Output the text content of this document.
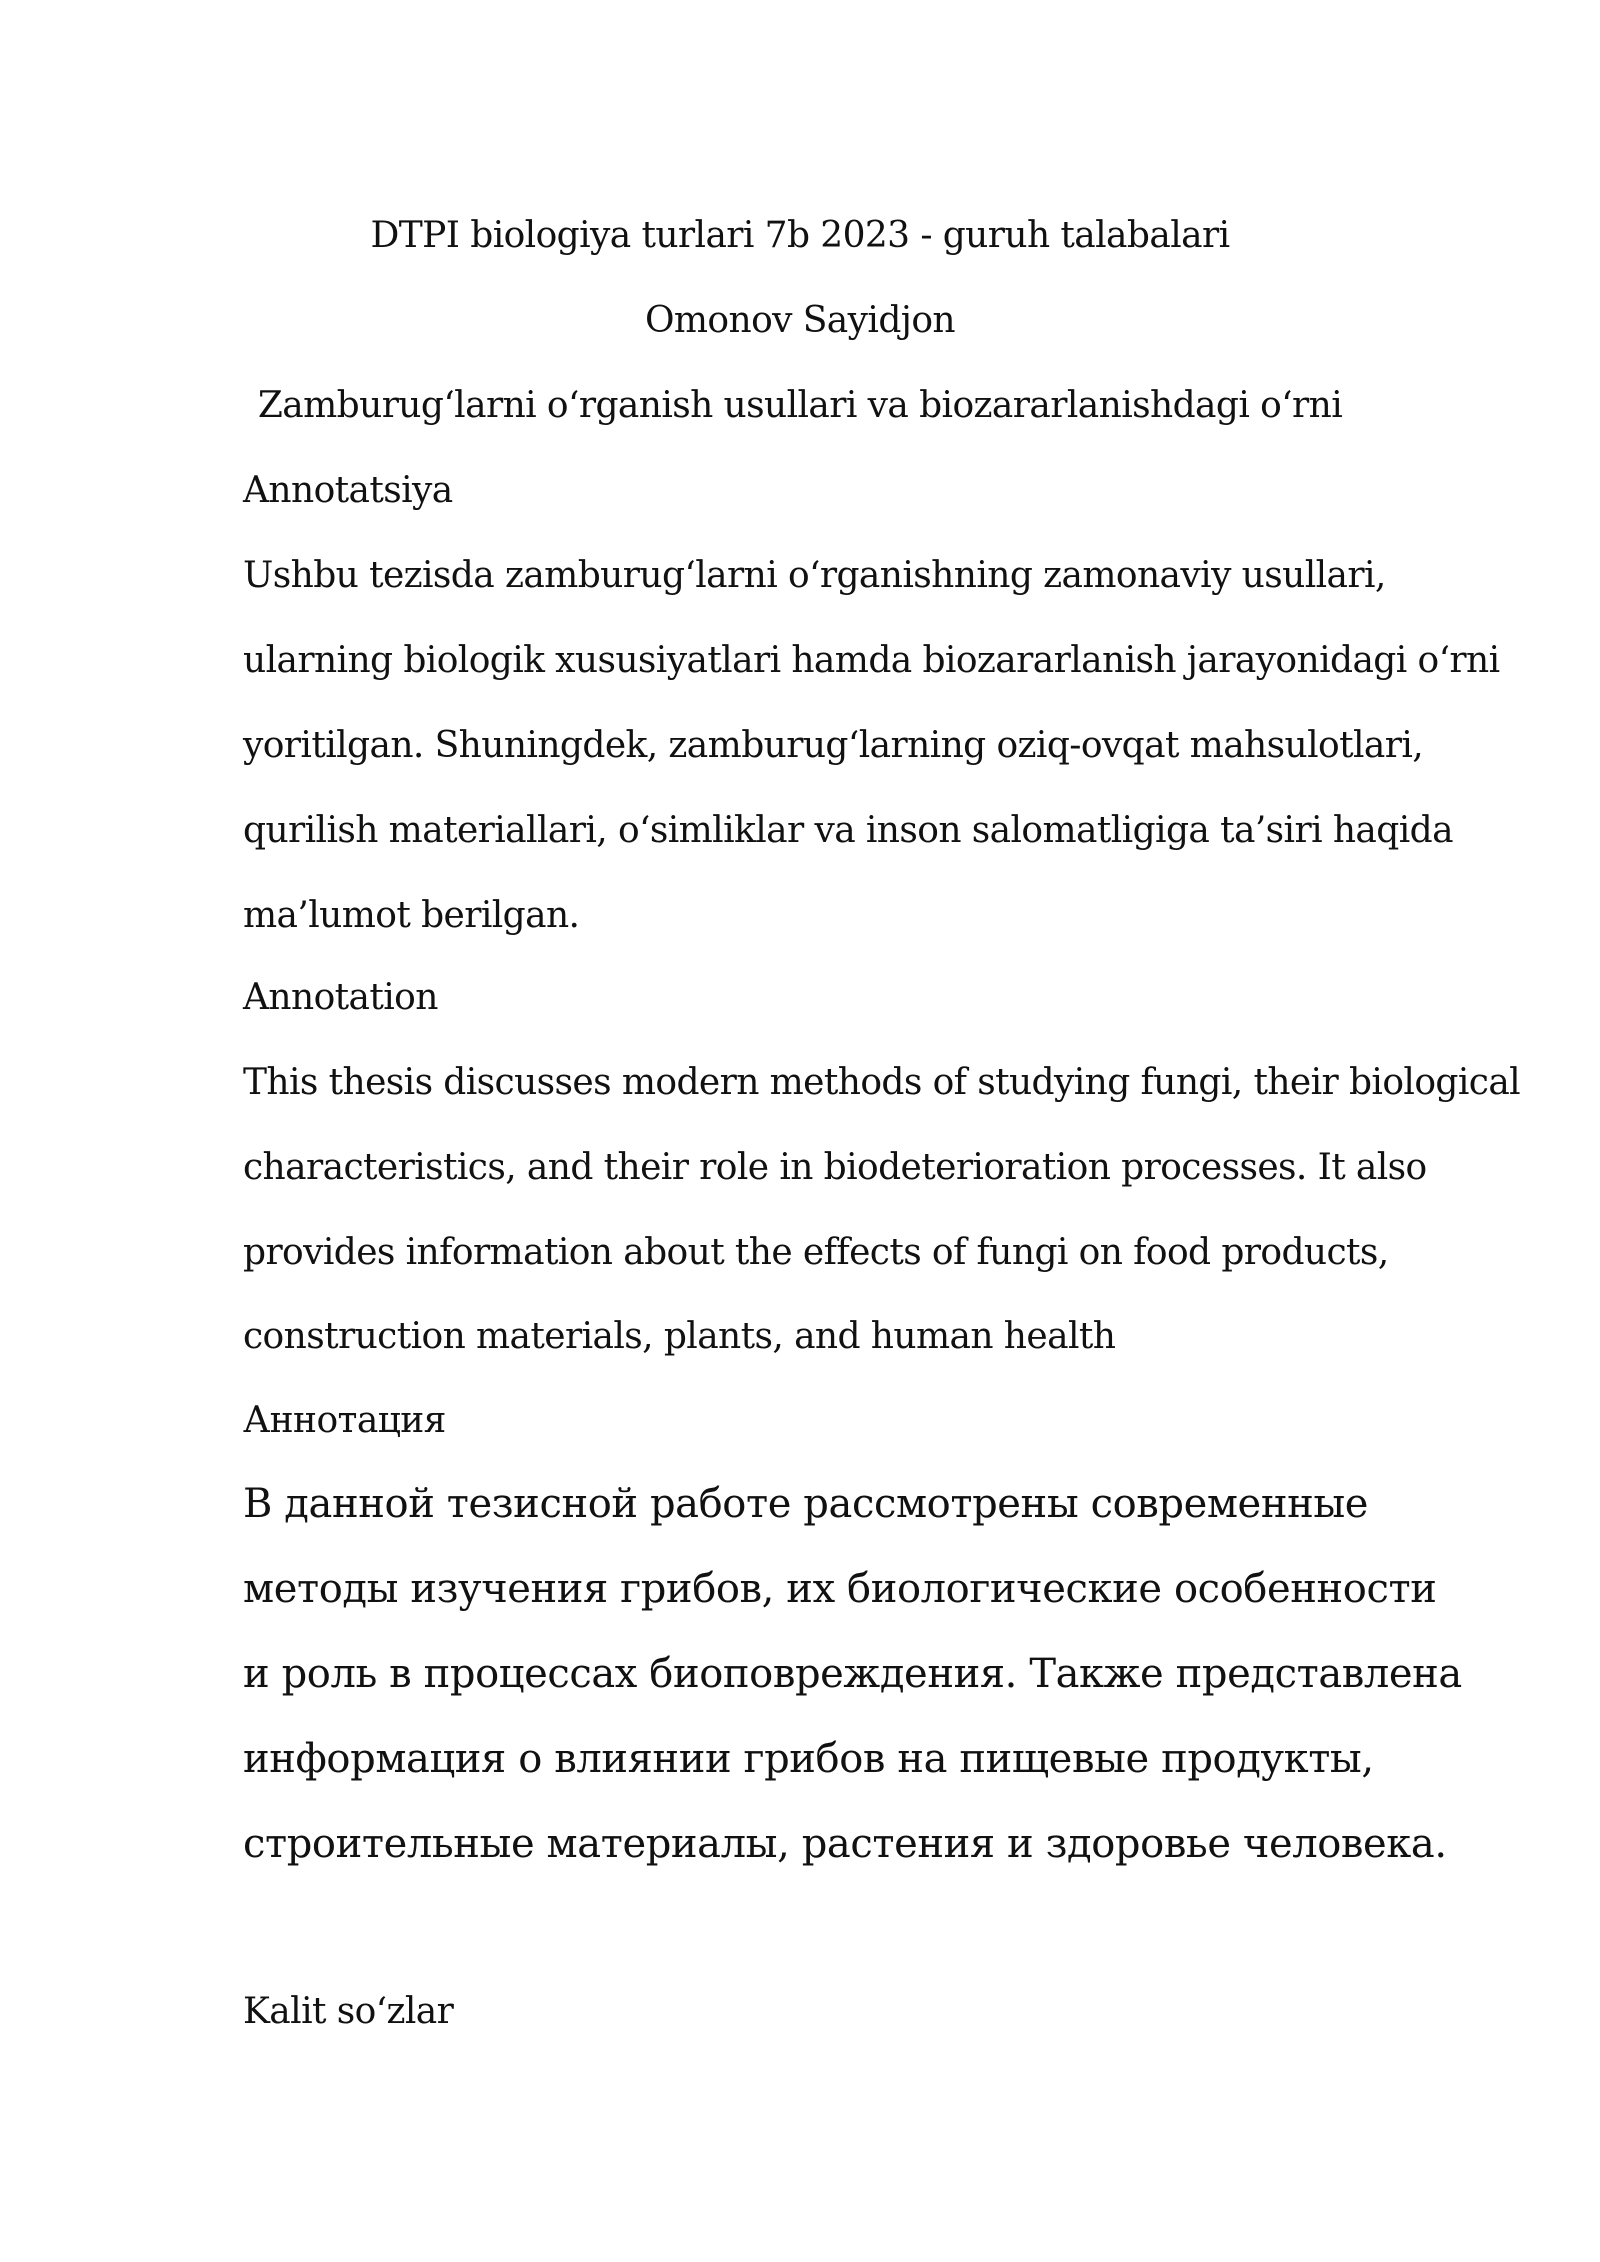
DTPI biologiya turlari 7b 2023 - guruh talabalari
Omonov Sayidjon
Zamburug‘larni o‘rganish usullari va biozararlanishdagi o‘rni
Annotatsiya
Ushbu tezisda zamburug‘larni o‘rganishning zamonaviy usullari,
ularning biologik xususiyatlari hamda biozararlanish jarayonidagi o‘rni
yoritilgan. Shuningdek, zamburug‘larning oziq-ovqat mahsulotlari,
qurilish materiallari, o‘simliklar va inson salomatligiga ta’siri haqida
ma’lumot berilgan.
Annotation
This thesis discusses modern methods of studying fungi, their biological
characteristics, and their role in biodeterioration processes. It also
provides information about the effects of fungi on food products,
construction materials, plants, and human health
Аннотация
В данной тезисной работе рассмотрены современные
методы изучения грибов, их биологические особенности
и роль в процессах биоповреждения. Также представлена
информация о влиянии грибов на пищевые продукты,
строительные материалы, растения и здоровье человека.
Kalit so‘zlar
